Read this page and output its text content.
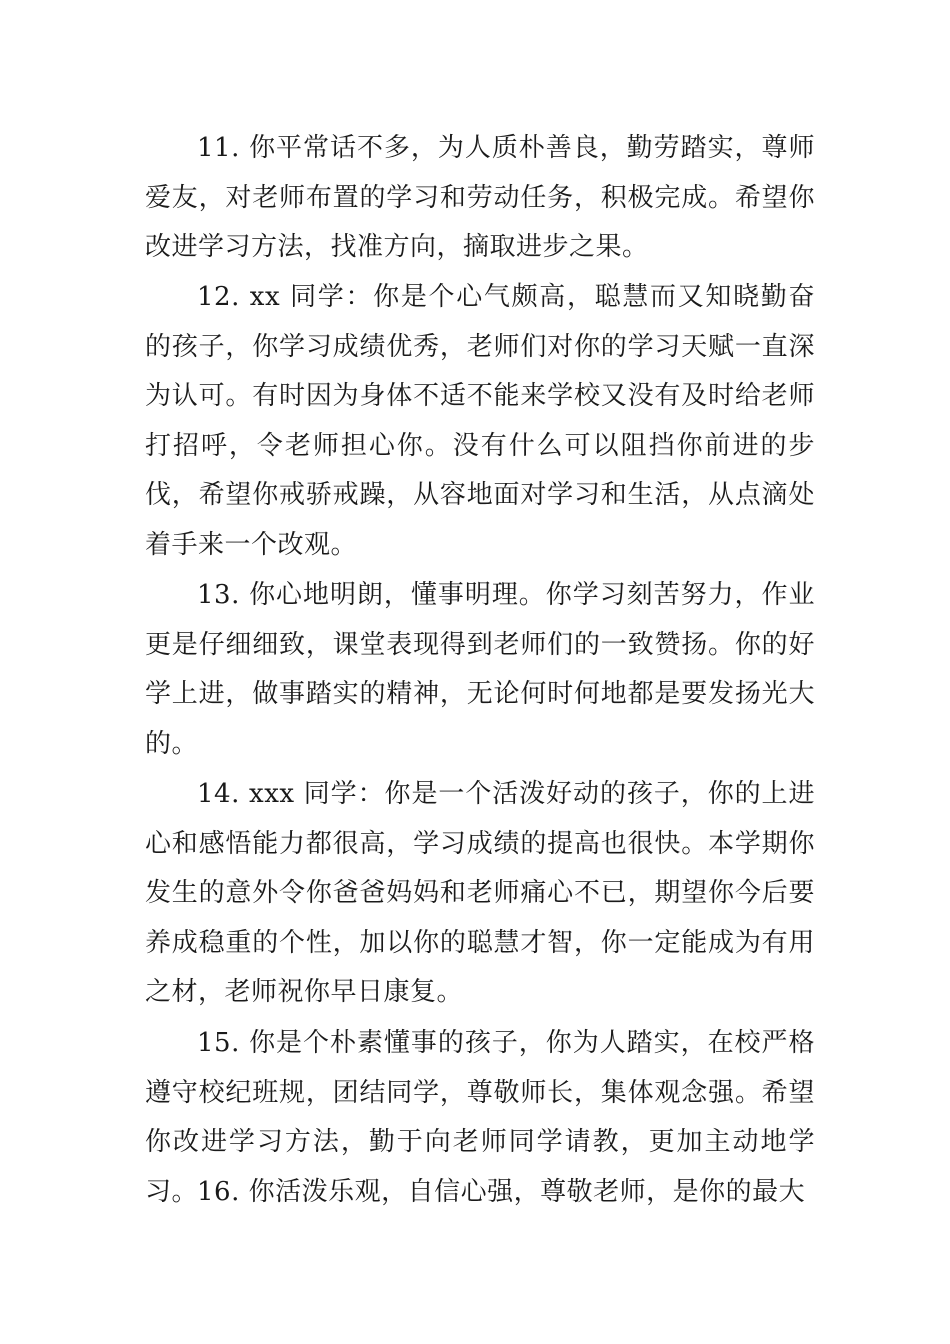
11. 你平常话不多，为人质朴善良，勤劳踏实，尊师爱友，对老师布置的学习和劳动任务，积极完成。希望你改进学习方法，找准方向，摘取进步之果。

12. xx 同学：你是个心气颇高，聪慧而又知晓勤奋的孩子，你学习成绩优秀，老师们对你的学习天赋一直深为认可。有时因为身体不适不能来学校又没有及时给老师打招呼，令老师担心你。没有什么可以阻挡你前进的步伐，希望你戒骄戒躁，从容地面对学习和生活，从点滴处着手来一个改观。

13. 你心地明朗，懂事明理。你学习刻苦努力，作业更是仔细细致，课堂表现得到老师们的一致赞扬。你的好学上进，做事踏实的精神，无论何时何地都是要发扬光大的。

14. xxx 同学：你是一个活泼好动的孩子，你的上进心和感悟能力都很高，学习成绩的提高也很快。本学期你发生的意外令你爸爸妈妈和老师痛心不已，期望你今后要养成稳重的个性，加以你的聪慧才智，你一定能成为有用之材，老师祝你早日康复。

15. 你是个朴素懂事的孩子，你为人踏实，在校严格遵守校纪班规，团结同学，尊敬师长，集体观念强。希望你改进学习方法，勤于向老师同学请教，更加主动地学习。

16. 你活泼乐观，自信心强，尊敬老师，是你的最大
